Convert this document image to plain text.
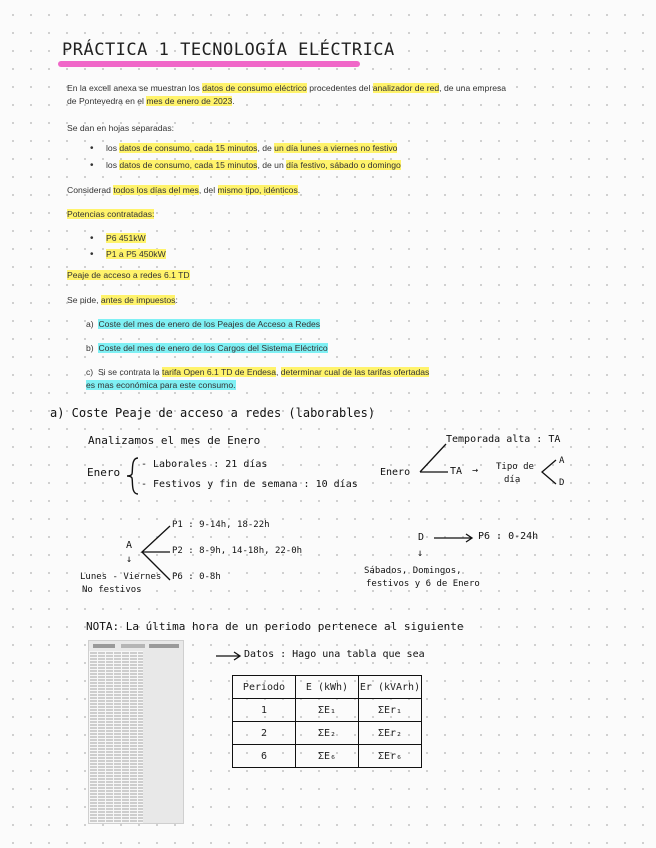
PRÁCTICA 1 TECNOLOGÍA ELÉCTRICA
En la excell anexa se muestran los datos de consumo eléctrico procedentes del analizador de red, de una empresa de Pontevedra en el mes de enero de 2023.
Se dan en hojas separadas:
• los datos de consumo, cada 15 minutos, de un día lunes a viernes no festivo
• los datos de consumo, cada 15 minutos, de un día festivo, sábado o domingo
Considerad todos los días del mes, del mismo tipo, idénticos.
Potencias contratadas:
• P6 451kW
• P1 a P5 450kW
Peaje de acceso a redes 6.1 TD
Se pide, antes de impuestos:
a) Coste del mes de enero de los Peajes de Acceso a Redes
b) Coste del mes de enero de los Cargos del Sistema Eléctrico
c) Si se contrata la tarifa Open 6.1 TD de Endesa, determinar cual de las tarifas ofertadas
es mas económica para este consumo.
a) Coste Peaje de acceso a redes (laborables)
Analizamos el mes de Enero
Enero
- Laborales : 21 días
- Festivos y fin de semana : 10 días
Enero
Temporada alta : TA
TA → Tipo de
día
A
D
A
↓
P1 : 9-14h, 18-22h
P2 : 8-9h, 14-18h, 22-0h
P6 : 0-8h
Lunes - Viernes
No festivos
D	P6 : 0-24h
↓
Sábados, Domingos,
festivos y 6 de Enero
NOTA: La última hora de un periodo pertenece al siguiente
Datos : Hago una tabla que sea
Periodo	E (kWh)	Er (kVArh)
1	ΣE₁	ΣEr₁
2	ΣE₂	ΣEr₂
6	ΣE₆	ΣEr₆
